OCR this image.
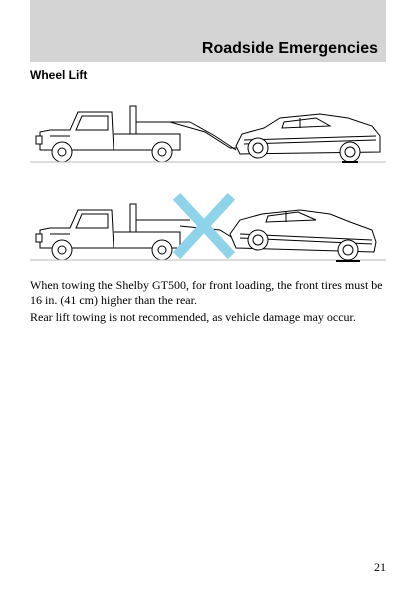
Roadside Emergencies
Wheel Lift

When towing the Shelby GT500, for front loading, the front tires must be 16 in. (41 cm) higher than the rear.

Rear lift towing is not recommended, as vehicle damage may occur.

21
